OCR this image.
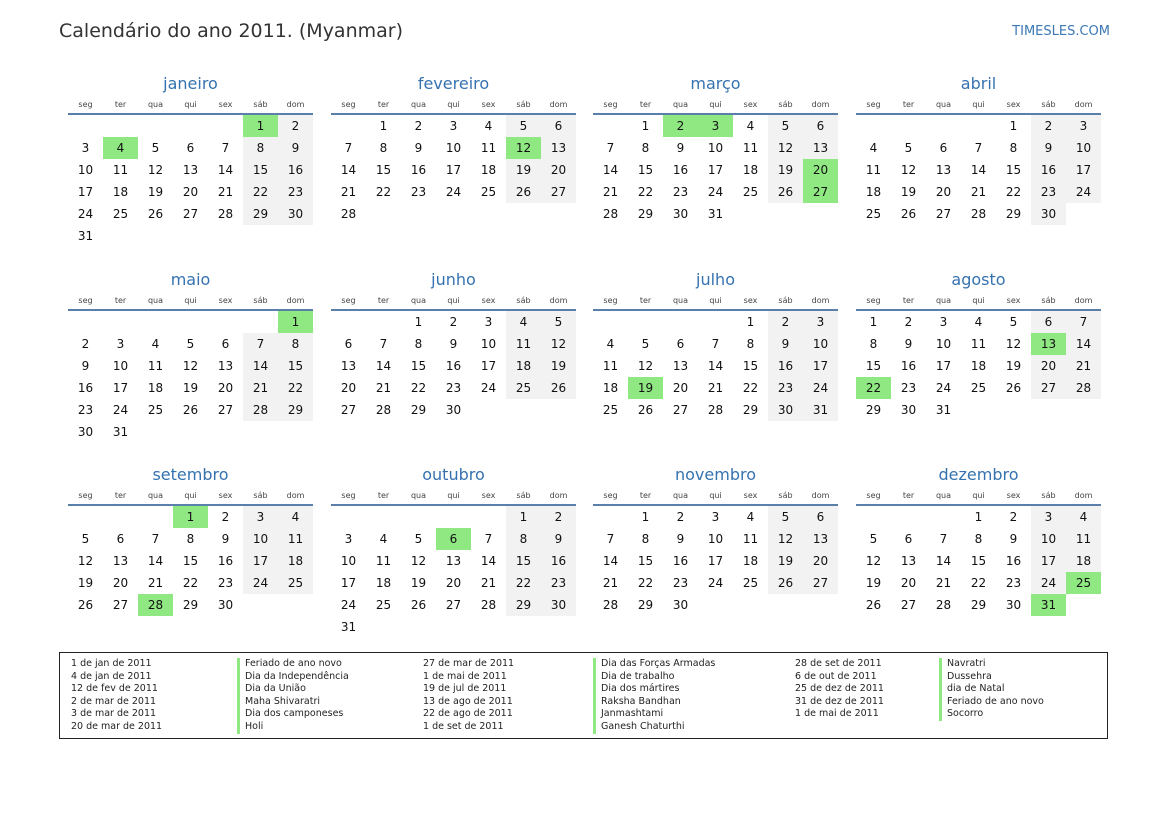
Calendário do ano 2011. (Myanmar)	TIMESLES.COM
janeiro
seg	ter	qua	qui	sex	sáb	dom
					1	2
3	4	5	6	7	8	9
10	11	12	13	14	15	16
17	18	19	20	21	22	23
24	25	26	27	28	29	30
31						
fevereiro
seg	ter	qua	qui	sex	sáb	dom
	1	2	3	4	5	6
7	8	9	10	11	12	13
14	15	16	17	18	19	20
21	22	23	24	25	26	27
28						
março
seg	ter	qua	qui	sex	sáb	dom
	1	2	3	4	5	6
7	8	9	10	11	12	13
14	15	16	17	18	19	20
21	22	23	24	25	26	27
28	29	30	31			
abril
seg	ter	qua	qui	sex	sáb	dom
				1	2	3
4	5	6	7	8	9	10
11	12	13	14	15	16	17
18	19	20	21	22	23	24
25	26	27	28	29	30	
maio
seg	ter	qua	qui	sex	sáb	dom
						1
2	3	4	5	6	7	8
9	10	11	12	13	14	15
16	17	18	19	20	21	22
23	24	25	26	27	28	29
30	31					
junho
seg	ter	qua	qui	sex	sáb	dom
		1	2	3	4	5
6	7	8	9	10	11	12
13	14	15	16	17	18	19
20	21	22	23	24	25	26
27	28	29	30			
julho
seg	ter	qua	qui	sex	sáb	dom
				1	2	3
4	5	6	7	8	9	10
11	12	13	14	15	16	17
18	19	20	21	22	23	24
25	26	27	28	29	30	31
agosto
seg	ter	qua	qui	sex	sáb	dom
1	2	3	4	5	6	7
8	9	10	11	12	13	14
15	16	17	18	19	20	21
22	23	24	25	26	27	28
29	30	31				
setembro
seg	ter	qua	qui	sex	sáb	dom
			1	2	3	4
5	6	7	8	9	10	11
12	13	14	15	16	17	18
19	20	21	22	23	24	25
26	27	28	29	30		
outubro
seg	ter	qua	qui	sex	sáb	dom
					1	2
3	4	5	6	7	8	9
10	11	12	13	14	15	16
17	18	19	20	21	22	23
24	25	26	27	28	29	30
31						
novembro
seg	ter	qua	qui	sex	sáb	dom
	1	2	3	4	5	6
7	8	9	10	11	12	13
14	15	16	17	18	19	20
21	22	23	24	25	26	27
28	29	30				
dezembro
seg	ter	qua	qui	sex	sáb	dom
			1	2	3	4
5	6	7	8	9	10	11
12	13	14	15	16	17	18
19	20	21	22	23	24	25
26	27	28	29	30	31	
1 de jan de 2011
4 de jan de 2011
12 de fev de 2011
2 de mar de 2011
3 de mar de 2011
20 de mar de 2011
Feriado de ano novo
Dia da Independência
Dia da União
Maha Shivaratri
Dia dos camponeses
Holi
27 de mar de 2011
1 de mai de 2011
19 de jul de 2011
13 de ago de 2011
22 de ago de 2011
1 de set de 2011
Dia das Forças Armadas
Dia de trabalho
Dia dos mártires
Raksha Bandhan
Janmashtami
Ganesh Chaturthi
28 de set de 2011
6 de out de 2011
25 de dez de 2011
31 de dez de 2011
1 de mai de 2011
Navratri
Dussehra
dia de Natal
Feriado de ano novo
Socorro
